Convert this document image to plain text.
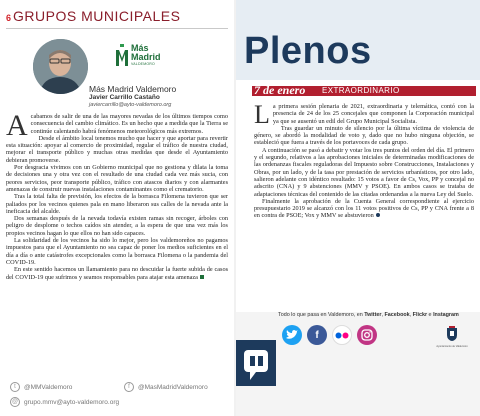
6 GRUPOS MUNICIPALES
Más
Madrid
VALDEMORO
Más Madrid Valdemoro
Javier Carrillo Castaño
javiercarrillo@ayto-valdemoro.org
A cabamos de salir de una de las mayores nevadas de los últimos tiempos como consecuencia del cambio climático. Es un hecho que a medida que la Tierra se continúe calentando habrá fenómenos meteorológicos más extremos.

Desde el ámbito local tenemos mucho que hacer y que aportar para revertir esta situación: apoyar al comercio de proximidad, regular el tráfico de nuestra ciudad, mejorar el transporte público y muchas otras medidas que desde el Ayuntamiento debieran promoverse.

Por desgracia vivimos con un Gobierno municipal que no gestiona y dilata la toma de decisiones una y otra vez con el resultado de una ciudad cada vez más sucia, con peores servicios, peor transporte público, tráfico con atascos diarios y con alarmantes amenazas de construir nuevas instalaciones contaminantes como el crematorio.

Tras la total falta de previsión, los efectos de la borrasca Filomena tuvieron que ser paliados por los vecinos quienes pala en mano liberaron sus calles de la nevada ante la ineficacia del alcalde.

Dos semanas después de la nevada todavía existen ramas sin recoger, árboles con peligro de desplome o techos caídos sin atender, a la espera de que una vez más los propios vecinos hagan lo que ellos no han sido capaces.

La solidaridad de los vecinos ha sido lo mejor, pero los valdemoreños no pagamos impuestos para que el Ayuntamiento no sea capaz de poner los medios suficientes en el día a día o ante catástrofes excepcionales como la borrasca Filomena o la pandemia del COVID-19.

En este sentido hacemos un llamamiento para no descuidar la fuerte subida de casos del COVID-19 que sufrimos y seamos responsables para atajar esta amenaza

t	@MMValdemoro	f	@MasMadridValdemoro
@ grupo.mmv@ayto-valdemoro.org
Plenos
7 de enero EXTRAORDINARIO
L a primera sesión plenaria de 2021, extraordinaria y telemática, contó con la presencia de 24 de los 25 concejales que componen la Corporación municipal ya que se ausentó un edil del Grupo Municipal Socialista.

Tras guardar un minuto de silencio por la última víctima de violencia de género, se abordó la modalidad de voto y, dado que no hubo ninguna objeción, se estableció que fuera a través de los portavoces de cada grupo.

A continuación se pasó a debatir y votar los tres puntos del orden del día. El primero y el segundo, relativos a las aprobaciones iniciales de determinadas modificaciones de las ordenanzas fiscales reguladoras del Impuesto sobre Construcciones, Instalaciones y Obras, por un lado, y de la tasa por prestación de servicios urbanísticos, por otro lado, salieron adelante con idéntico resultado: 15 votos a favor de Cs, Vox, PP y concejal no adscrito (CNA) y 9 abstenciones (MMV y PSOE). En ambos casos se trataba de adaptaciones técnicas del contenido de las citadas ordenandas a la nueva Ley del Suelo.

Finalmente la aprobación de la Cuenta General correspondiente al ejercicio presupuestario 2019 se alcanzó con los 11 votos positivos de Cs, PP y CNA frente a 8 en contra de PSOE; Vox y MMV se abstuvieron

Todo lo que pasa en Valdemoro, en Twitter, Facebook, Flickr e Instagram
f
Ayuntamiento de Valdemoro
